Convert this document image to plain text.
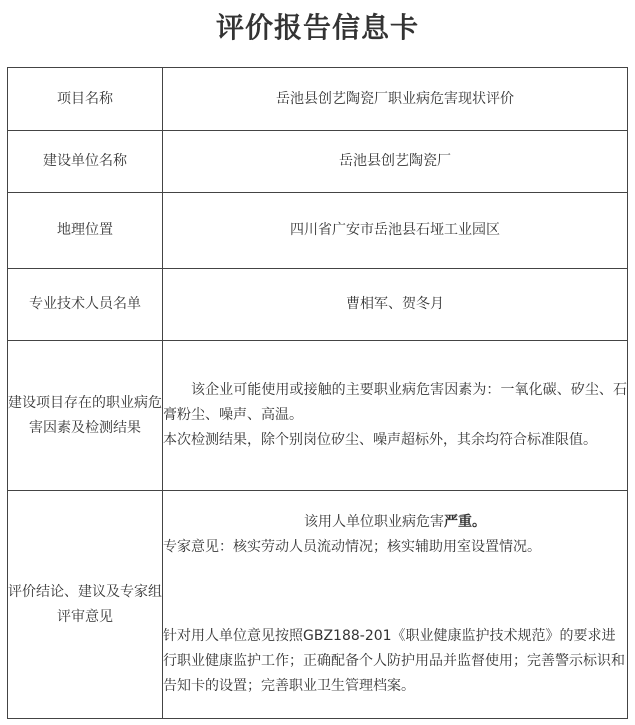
评价报告信息卡
项目名称	岳池县创艺陶瓷厂职业病危害现状评价
建设单位名称	岳池县创艺陶瓷厂
地理位置	四川省广安市岳池县石垭工业园区
专业技术人员名单	曹相军、贺冬月
建设项目存在的职业病危害因素及检测结果	该企业可能使用或接触的主要职业病危害因素为：一氧化碳、矽尘、石膏粉尘、噪声、高温。

本次检测结果，除个别岗位矽尘、噪声超标外，其余均符合标准限值。

评价结论、建议及专家组评审意见	该用人单位职业病危害严重。

专家意见：核实劳动人员流动情况；核实辅助用室设置情况。

针对用人单位意见按照GBZ188-201《职业健康监护技术规范》的要求进行职业健康监护工作；正确配备个人防护用品并监督使用；完善警示标识和告知卡的设置；完善职业卫生管理档案。
